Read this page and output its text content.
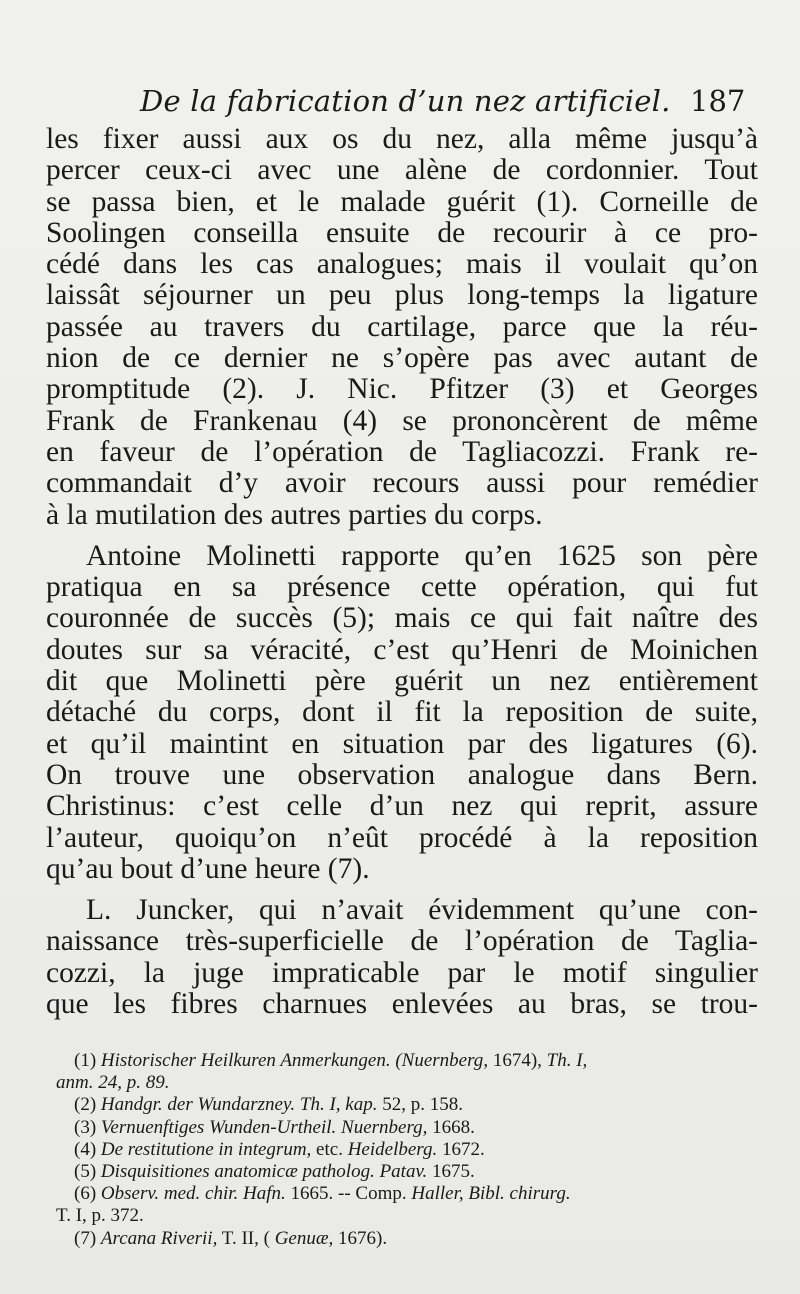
De la fabrication d’un nez artificiel. 187
les fixer aussi aux os du nez, alla même jusqu’à
percer ceux-ci avec une alène de cordonnier. Tout
se passa bien, et le malade guérit (1). Corneille de
Soolingen conseilla ensuite de recourir à ce pro-
cédé dans les cas analogues; mais il voulait qu’on
laissât séjourner un peu plus long-temps la ligature
passée au travers du cartilage, parce que la réu-
nion de ce dernier ne s’opère pas avec autant de
promptitude (2). J. Nic. Pfitzer (3) et Georges
Frank de Frankenau (4) se prononcèrent de même
en faveur de l’opération de Tagliacozzi. Frank re-
commandait d’y avoir recours aussi pour remédier
à la mutilation des autres parties du corps.
Antoine Molinetti rapporte qu’en 1625 son père
pratiqua en sa présence cette opération, qui fut
couronnée de succès (5); mais ce qui fait naître des
doutes sur sa véracité, c’est qu’Henri de Moinichen
dit que Molinetti père guérit un nez entièrement
détaché du corps, dont il fit la reposition de suite,
et qu’il maintint en situation par des ligatures (6).
On trouve une observation analogue dans Bern.
Christinus: c’est celle d’un nez qui reprit, assure
l’auteur, quoiqu’on n’eût procédé à la reposition
qu’au bout d’une heure (7).
L. Juncker, qui n’avait évidemment qu’une con-
naissance très-superficielle de l’opération de Taglia-
cozzi, la juge impraticable par le motif singulier
que les fibres charnues enlevées au bras, se trou-
(1) Historischer Heilkuren Anmerkungen. (Nuernberg, 1674), Th. I,
anm. 24, p. 89.
(2) Handgr. der Wundarzney. Th. I, kap. 52, p. 158.
(3) Vernuenftiges Wunden-Urtheil. Nuernberg, 1668.
(4) De restitutione in integrum, etc. Heidelberg. 1672.
(5) Disquisitiones anatomicæ patholog. Patav. 1675.
(6) Observ. med. chir. Hafn. 1665. -- Comp. Haller, Bibl. chirurg.
T. I, p. 372.
(7) Arcana Riverii, T. II, ( Genuæ, 1676).
